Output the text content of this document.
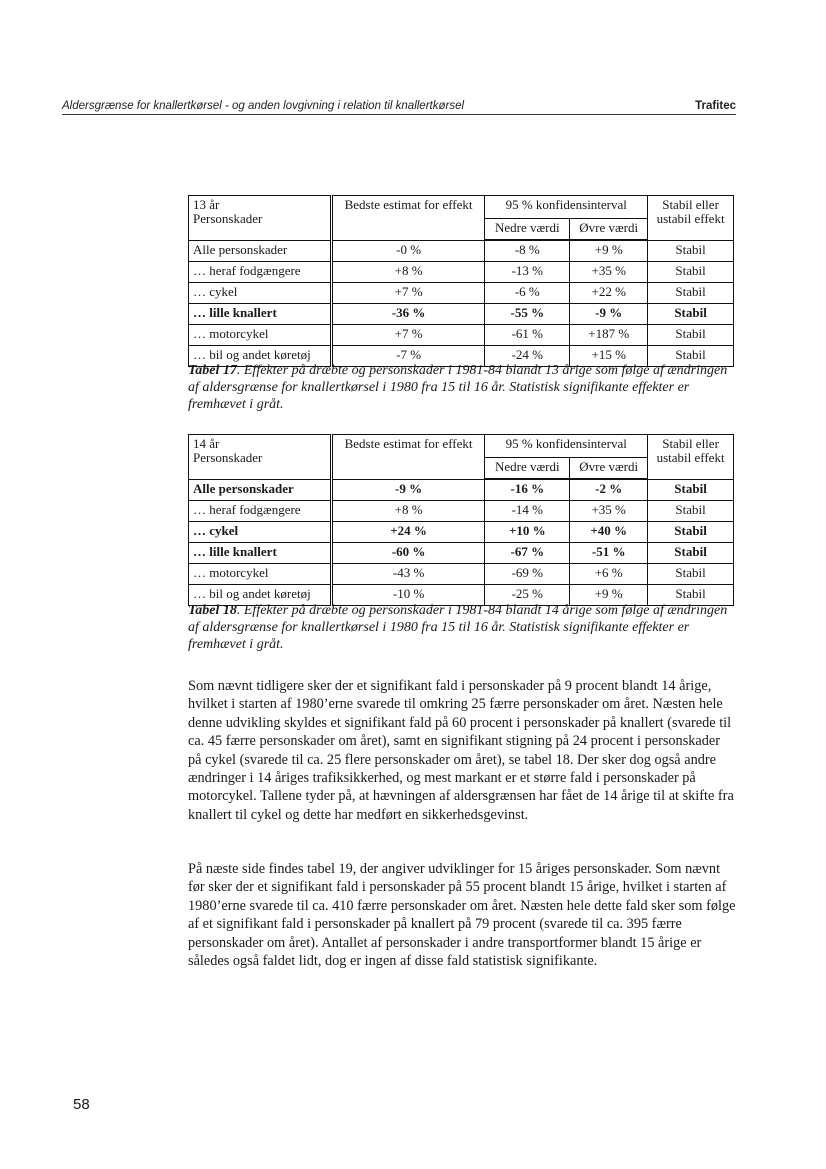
Aldersgrænse for knallertkørsel - og anden lovgivning i relation til knallertkørsel	Trafitec
13 år
Personskader	Bedste estimat for effekt	95 % konfidensinterval		Stabil eller ustabil effekt
		Nedre værdi	Øvre værdi	
Alle personskader	-0 %	-8 %	+9 %	Stabil
… heraf fodgængere	+8 %	-13 %	+35 %	Stabil
… cykel	+7 %	-6 %	+22 %	Stabil
… lille knallert	-36 %	-55 %	-9 %	Stabil
… motorcykel	+7 %	-61 %	+187 %	Stabil
… bil og andet køretøj	-7 %	-24 %	+15 %	Stabil
Tabel 17. Effekter på dræbte og personskader i 1981-84 blandt 13 årige som følge af ændringen af aldersgrænse for knallertkørsel i 1980 fra 15 til 16 år. Statistisk signifikante effekter er fremhævet i gråt.
14 år
Personskader	Bedste estimat for effekt	95 % konfidensinterval		Stabil eller ustabil effekt
		Nedre værdi	Øvre værdi	
Alle personskader	-9 %	-16 %	-2 %	Stabil
… heraf fodgængere	+8 %	-14 %	+35 %	Stabil
… cykel	+24 %	+10 %	+40 %	Stabil
… lille knallert	-60 %	-67 %	-51 %	Stabil
… motorcykel	-43 %	-69 %	+6 %	Stabil
… bil og andet køretøj	-10 %	-25 %	+9 %	Stabil
Tabel 18. Effekter på dræbte og personskader i 1981-84 blandt 14 årige som følge af ændringen af aldersgrænse for knallertkørsel i 1980 fra 15 til 16 år. Statistisk signifikante effekter er fremhævet i gråt.

Som nævnt tidligere sker der et signifikant fald i personskader på 9 procent blandt 14 årige, hvilket i starten af 1980’erne svarede til omkring 25 færre personskader om året. Næsten hele denne udvikling skyldes et signifikant fald på 60 procent i personskader på knallert (svarede til ca. 45 færre personskader om året), samt en signifikant stigning på 24 procent i personskader på cykel (svarede til ca. 25 flere personskader om året), se tabel 18. Der sker dog også andre ændringer i 14 åriges trafiksikkerhed, og mest markant er et større fald i personskader på motorcykel. Tallene tyder på, at hævningen af aldersgrænsen har fået de 14 årige til at skifte fra knallert til cykel og dette har medført en sikkerhedsgevinst.

På næste side findes tabel 19, der angiver udviklinger for 15 åriges personskader. Som nævnt før sker der et signifikant fald i personskader på 55 procent blandt 15 årige, hvilket i starten af 1980’erne svarede til ca. 410 færre personskader om året. Næsten hele dette fald sker som følge af et signifikant fald i personskader på knallert på 79 procent (svarede til ca. 395 færre personskader om året). Antallet af personskader i andre transportformer blandt 15 årige er således også faldet lidt, dog er ingen af disse fald statistisk signifikante.

58
